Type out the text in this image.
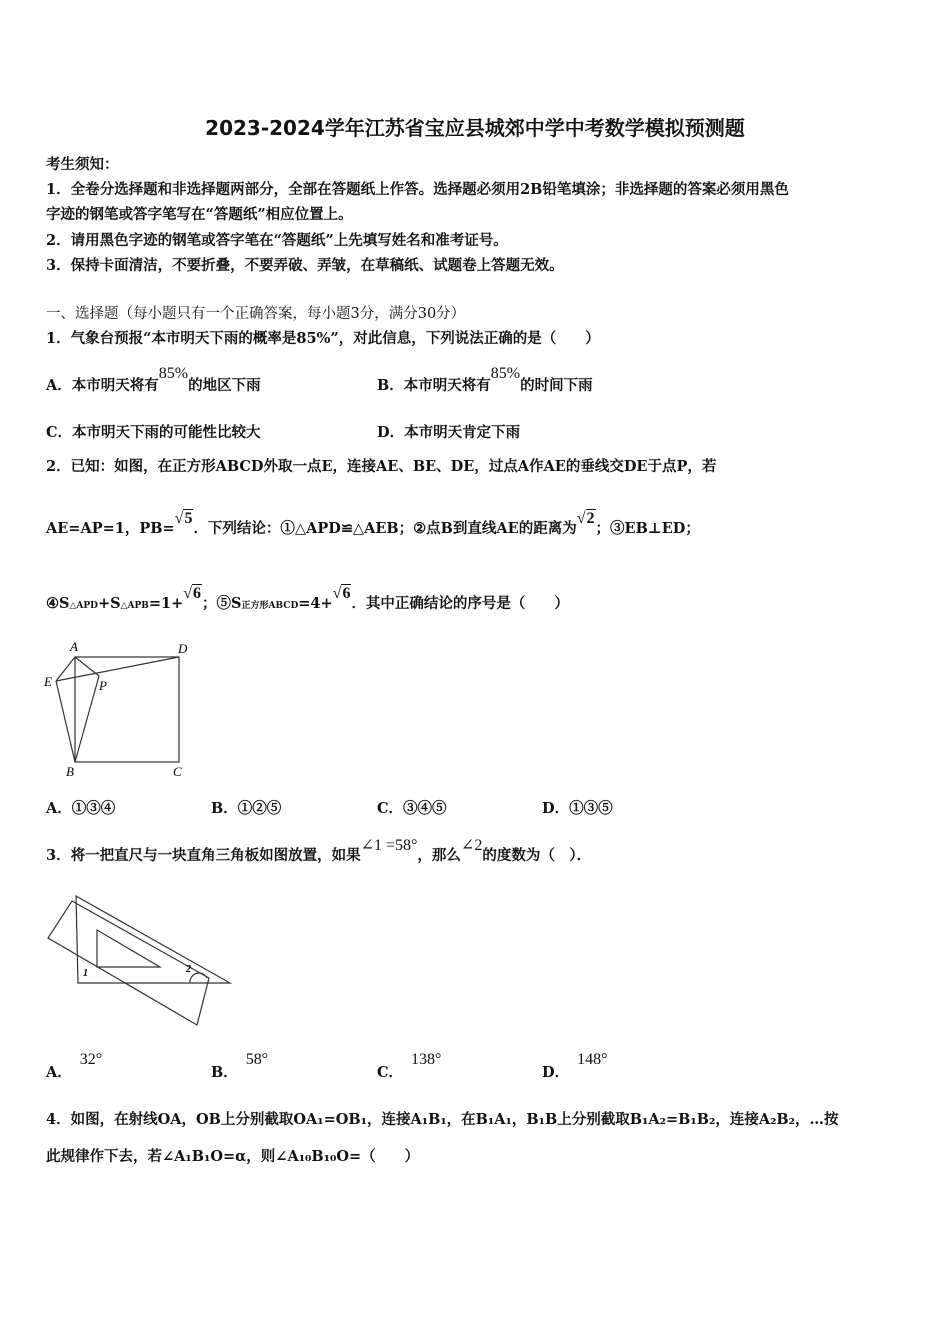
2023-2024学年江苏省宝应县城郊中学中考数学模拟预测题
考生须知：
1．全卷分选择题和非选择题两部分，全部在答题纸上作答。选择题必须用2B铅笔填涂；非选择题的答案必须用黑色
字迹的钢笔或答字笔写在“答题纸”相应位置上。
2．请用黑色字迹的钢笔或答字笔在“答题纸”上先填写姓名和准考证号。
3．保持卡面清洁，不要折叠，不要弄破、弄皱，在草稿纸、试题卷上答题无效。
一、选择题（每小题只有一个正确答案，每小题3分，满分30分）
1．气象台预报“本市明天下雨的概率是85%”，对此信息，下列说法正确的是（　　）
A．本市明天将有85%的地区下雨	B．本市明天将有85%的时间下雨
C．本市明天下雨的可能性比较大	D．本市明天肯定下雨
2．已知：如图，在正方形ABCD外取一点E，连接AE、BE、DE，过点A作AE的垂线交DE于点P，若
AE=AP=1，PB=√5．下列结论：①△APD≌△AEB；②点B到直线AE的距离为√2；③EB⊥ED；
④S△APD+S△APB=1+√6；⑤S正方形ABCD=4+√6．其中正确结论的序号是（　　）
A	D
E	P
B	C
A．①③④	B．①②⑤	C．③④⑤	D．①③⑤
3．将一把直尺与一块直角三角板如图放置，如果∠1 =58°，那么∠2的度数为（　）．
1	2
A．32°
B．58°
C．138°
D．148°
4．如图，在射线OA，OB上分别截取OA₁=OB₁，连接A₁B₁，在B₁A₁，B₁B上分别截取B₁A₂=B₁B₂，连接A₂B₂，…按
此规律作下去，若∠A₁B₁O=α，则∠A₁₀B₁₀O=（　　）
